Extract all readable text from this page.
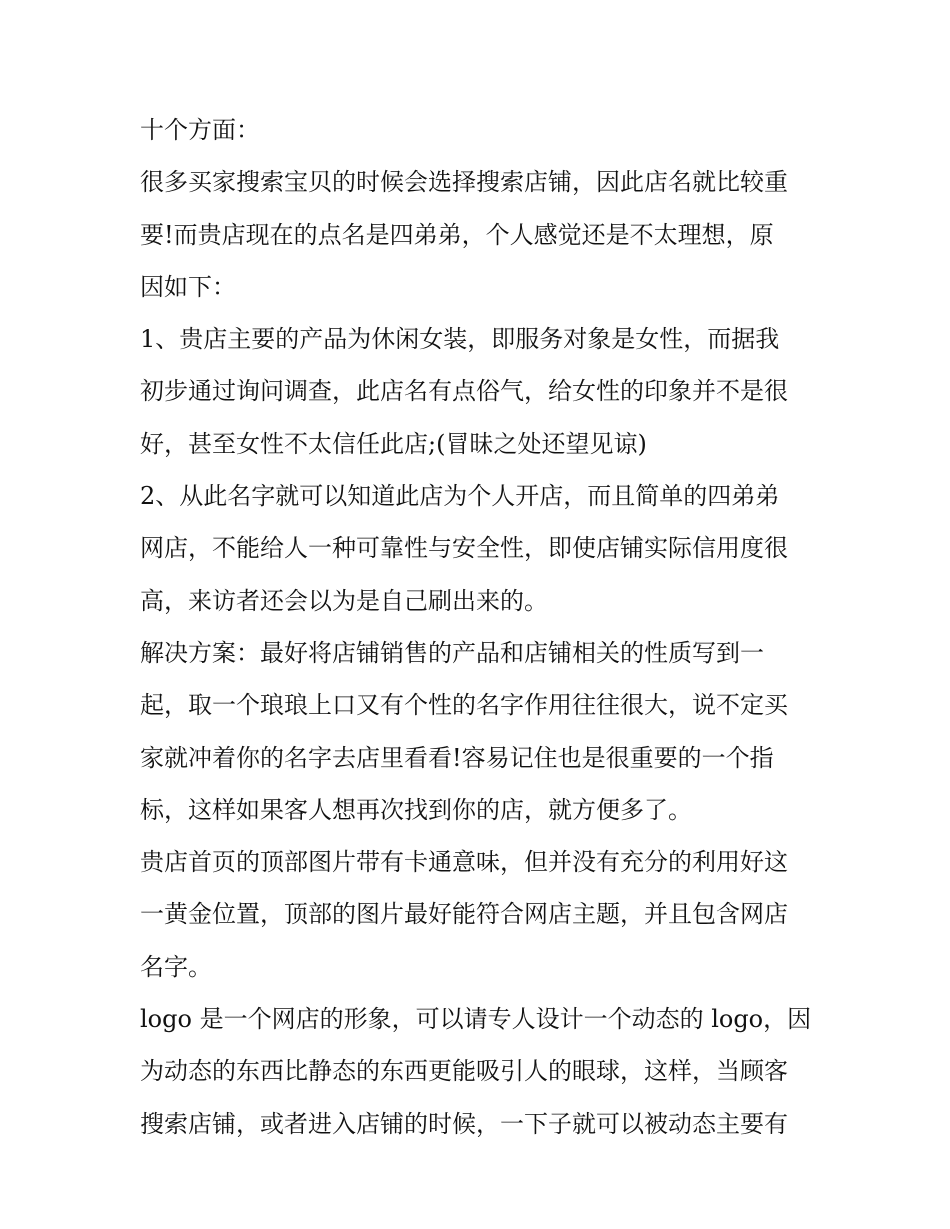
十个方面：
很多买家搜索宝贝的时候会选择搜索店铺，因此店名就比较重
要!而贵店现在的点名是四弟弟，个人感觉还是不太理想，原
因如下：
1、贵店主要的产品为休闲女装，即服务对象是女性，而据我
初步通过询问调查，此店名有点俗气，给女性的印象并不是很
好，甚至女性不太信任此店;(冒昧之处还望见谅)
2、从此名字就可以知道此店为个人开店，而且简单的四弟弟
网店，不能给人一种可靠性与安全性，即使店铺实际信用度很
高，来访者还会以为是自己刷出来的。
解决方案：最好将店铺销售的产品和店铺相关的性质写到一
起，取一个琅琅上口又有个性的名字作用往往很大，说不定买
家就冲着你的名字去店里看看!容易记住也是很重要的一个指
标，这样如果客人想再次找到你的店，就方便多了。
贵店首页的顶部图片带有卡通意味，但并没有充分的利用好这
一黄金位置，顶部的图片最好能符合网店主题，并且包含网店
名字。
logo 是一个网店的形象，可以请专人设计一个动态的 logo，因
为动态的东西比静态的东西更能吸引人的眼球，这样，当顾客
搜索店铺，或者进入店铺的时候，一下子就可以被动态主要有
